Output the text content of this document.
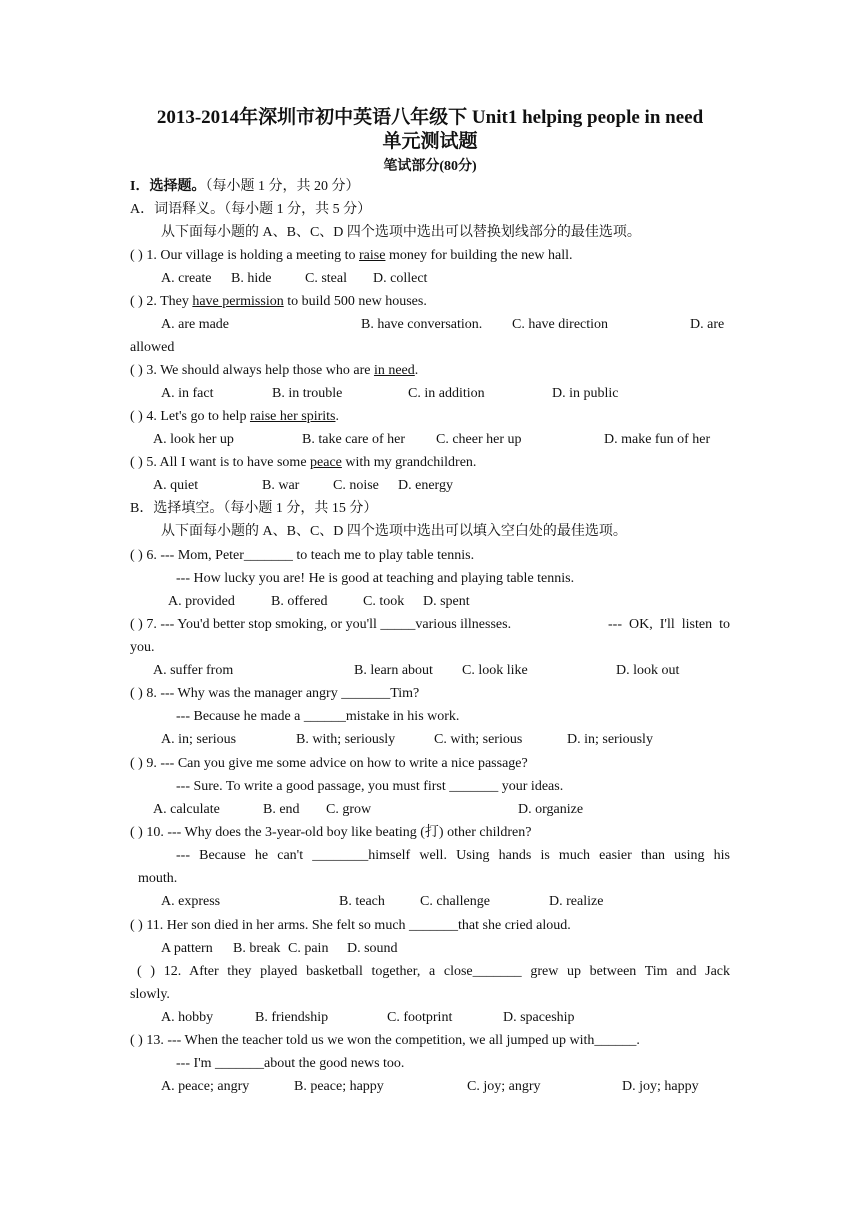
2013-2014年深圳市初中英语八年级下 Unit1 helping people in need
单元测试题
笔试部分(80分)
I．选择题。（每小题 1 分，共 20 分）
A．词语释义。（每小题 1 分，共 5 分）
从下面每小题的 A、B、C、D 四个选项中选出可以替换划线部分的最佳选项。
( ) 1. Our village is holding a meeting to raise money for building the new hall.
A. create B. hide C. steal D. collect
( ) 2. They have permission to build 500 new houses.
A. are made	B. have conversation. C. have direction	D. are
allowed
( ) 3. We should always help those who are in need.
A. in fact	B. in trouble	C. in addition	D. in public
( ) 4. Let's go to help raise her spirits.
A. look her up	B. take care of her C. cheer her up	D. make fun of her
( ) 5. All I want is to have some peace with my grandchildren.
A. quiet	B. war C. noise D. energy
B．选择填空。（每小题 1 分，共 15 分）
从下面每小题的 A、B、C、D 四个选项中选出可以填入空白处的最佳选项。
( ) 6. --- Mom, Peter_______ to teach me to play table tennis.
--- How lucky you are! He is good at teaching and playing table tennis.
A. provided	B. offered	C. took D. spent
( ) 7. --- You'd better stop smoking, or you'll _____various illnesses.	--- OK, I'll listen to
you.
A. suffer from	B. learn about C. look like	D. look out
( ) 8. --- Why was the manager angry _______Tim?
--- Because he made a ______mistake in his work.
A. in; serious	B. with; seriously	C. with; serious	D. in; seriously
( ) 9. --- Can you give me some advice on how to write a nice passage?
--- Sure. To write a good passage, you must first _______ your ideas.
A. calculate	B. end C. grow	D. organize
( ) 10. --- Why does the 3-year-old boy like beating (打) other children?
--- Because he can't ________himself well. Using hands is much easier than using his
mouth.
A. express	B. teach	C. challenge	D. realize
( ) 11. Her son died in her arms. She felt so much _______that she cried aloud.
A pattern B. break C. pain D. sound
( ) 12. After they played basketball together, a close_______ grew up between Tim and Jack
slowly.
A. hobby	B. friendship	C. footprint	D. spaceship
( ) 13. --- When the teacher told us we won the competition, we all jumped up with______.
--- I'm _______about the good news too.
A. peace; angry	B. peace; happy	C. joy; angry	D. joy; happy
